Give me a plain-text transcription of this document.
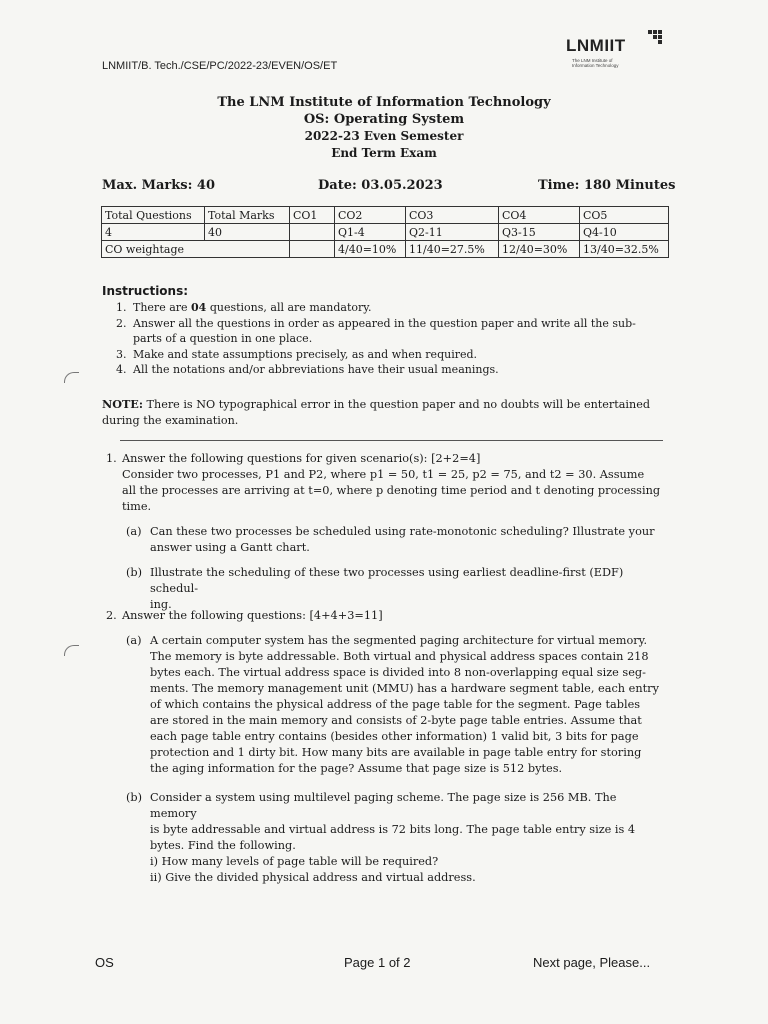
LNMIIT/B. Tech./CSE/PC/2022-23/EVEN/OS/ET
LNMIIT
The LNM Institute of
Information Technology
The LNM Institute of Information Technology
OS: Operating System
2022-23 Even Semester
End Term Exam
Max. Marks: 40	Date: 03.05.2023	Time: 180 Minutes
Total Questions	Total Marks	CO1	CO2	CO3	CO4	CO5
4	40		Q1-4	Q2-11	Q3-15	Q4-10
CO weightage			4/40=10%	11/40=27.5%	12/40=30%	13/40=32.5%
Instructions:
1. There are 04 questions, all are mandatory.
2. Answer all the questions in order as appeared in the question paper and write all the sub-
parts of a question in one place.
3. Make and state assumptions precisely, as and when required.
4. All the notations and/or abbreviations have their usual meanings.
NOTE: There is NO typographical error in the question paper and no doubts will be entertained
during the examination.
1. Answer the following questions for given scenario(s): [2+2=4]
Consider two processes, P1 and P2, where p1 = 50, t1 = 25, p2 = 75, and t2 = 30. Assume
all the processes are arriving at t=0, where p denoting time period and t denoting processing
time.
(a) Can these two processes be scheduled using rate-monotonic scheduling? Illustrate your
answer using a Gantt chart.
(b) Illustrate the scheduling of these two processes using earliest deadline-first (EDF) schedul-
ing.
2. Answer the following questions: [4+4+3=11]
(a) A certain computer system has the segmented paging architecture for virtual memory.
The memory is byte addressable. Both virtual and physical address spaces contain 218
bytes each. The virtual address space is divided into 8 non-overlapping equal size seg-
ments. The memory management unit (MMU) has a hardware segment table, each entry
of which contains the physical address of the page table for the segment. Page tables
are stored in the main memory and consists of 2-byte page table entries. Assume that
each page table entry contains (besides other information) 1 valid bit, 3 bits for page
protection and 1 dirty bit. How many bits are available in page table entry for storing
the aging information for the page? Assume that page size is 512 bytes.
(b) Consider a system using multilevel paging scheme. The page size is 256 MB. The memory
is byte addressable and virtual address is 72 bits long. The page table entry size is 4
bytes. Find the following.
i) How many levels of page table will be required?
ii) Give the divided physical address and virtual address.
OS	Page 1 of 2	Next page, Please...
